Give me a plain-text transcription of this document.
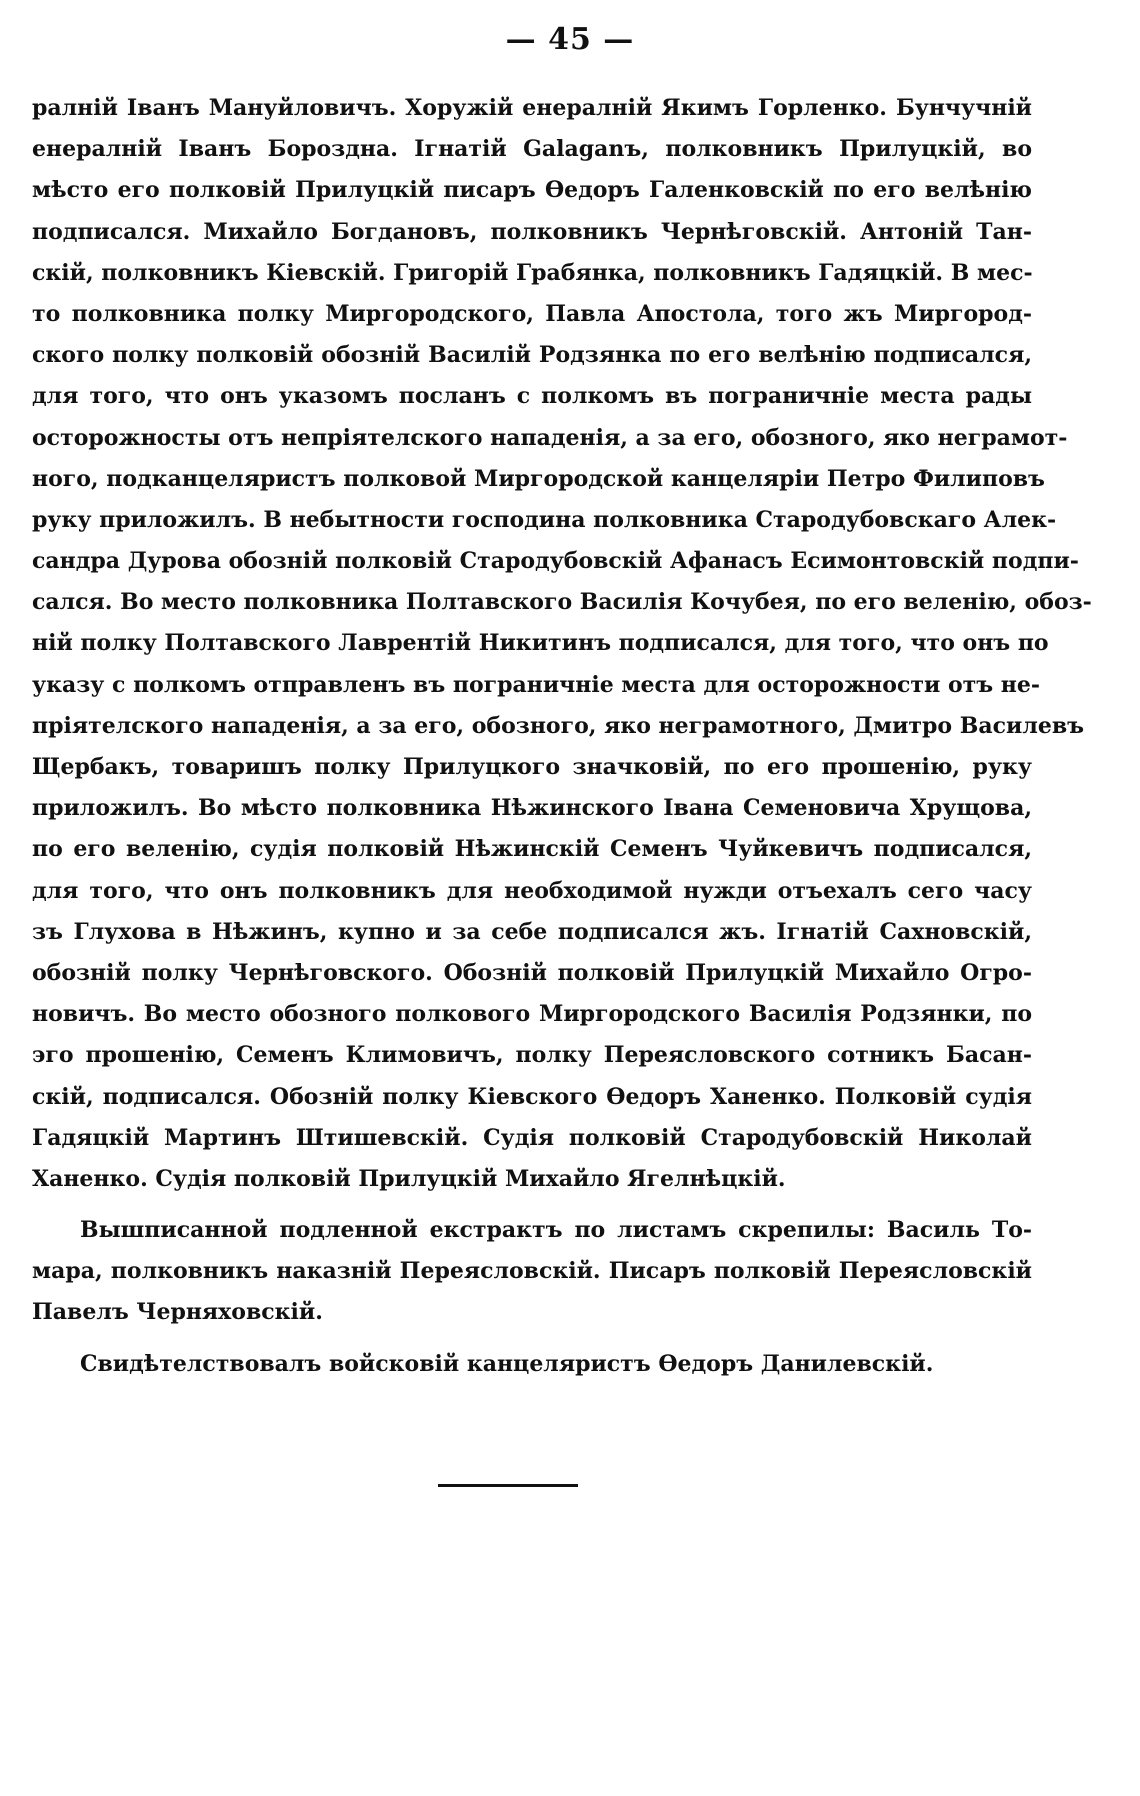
— 45 —
ралній Іванъ Мануйловичъ. Хоружій енералній Якимъ Горленко. Бунчучній
енералній Іванъ Бороздна. Ігнатій Galaganъ, полковникъ Прилуцкій, во
мѣсто его полковій Прилуцкій писаръ Өедоръ Галенковскій по его велѣнію
подписался. Михайло Богдановъ, полковникъ Чернѣговскій. Антоній Тан-
скій, полковникъ Кіевскій. Григорій Грабянка, полковникъ Гадяцкій. В мес-
то полковника полку Миргородского, Павла Апостола, того жъ Миргород-
ского полку полковій обозній Василій Родзянка по его велѣнію подписался,
для того, что онъ указомъ посланъ с полкомъ въ пограничніе места рады
осторожносты отъ непріятелского нападенія, а за его, обозного, яко неграмот-
ного, подканцеляристъ полковой Миргородской канцеляріи Петро Филиповъ
руку приложилъ. В небытности господина полковника Стародубовскаго Алек-
сандра Дурова обозній полковій Стародубовскій Афанасъ Есимонтовскій подпи-
сался. Во место полковника Полтавского Василія Кочубея, по его веленію, обоз-
ній полку Полтавского Лаврентій Никитинъ подписался, для того, что онъ по
указу с полкомъ отправленъ въ пограничніе места для осторожности отъ не-
пріятелского нападенія, а за его, обозного, яко неграмотного, Дмитро Василевъ
Щербакъ, товаришъ полку Прилуцкого значковій, по его прошенію, руку
приложилъ. Во мѣсто полковника Нѣжинского Івана Семеновича Хрущова,
по его веленію, судія полковій Нѣжинскій Семенъ Чуйкевичъ подписался,
для того, что онъ полковникъ для необходимой нужди отъехалъ сего часу
зъ Глухова в Нѣжинъ, купно и за себе подписался жъ. Ігнатій Сахновскій,
обозній полку Чернѣговского. Обозній полковій Прилуцкій Михайло Огро-
новичъ. Во место обозного полкового Миргородского Василія Родзянки, по
эго прошенію, Семенъ Климовичъ, полку Переясловского сотникъ Басан-
скій, подписался. Обозній полку Кіевского Өедоръ Ханенко. Полковій судія
Гадяцкій Мартинъ Штишевскій. Судія полковій Стародубовскій Николай
Ханенко. Судія полковій Прилуцкій Михайло Ягелнѣцкій.
Вышписанной подленной екстрактъ по листамъ скрепилы: Василь То-
мара, полковникъ наказній Переясловскій. Писаръ полковій Переясловскій
Павелъ Черняховскій.
Свидѣтелствовалъ войсковій канцеляристъ Өедоръ Данилевскій.
